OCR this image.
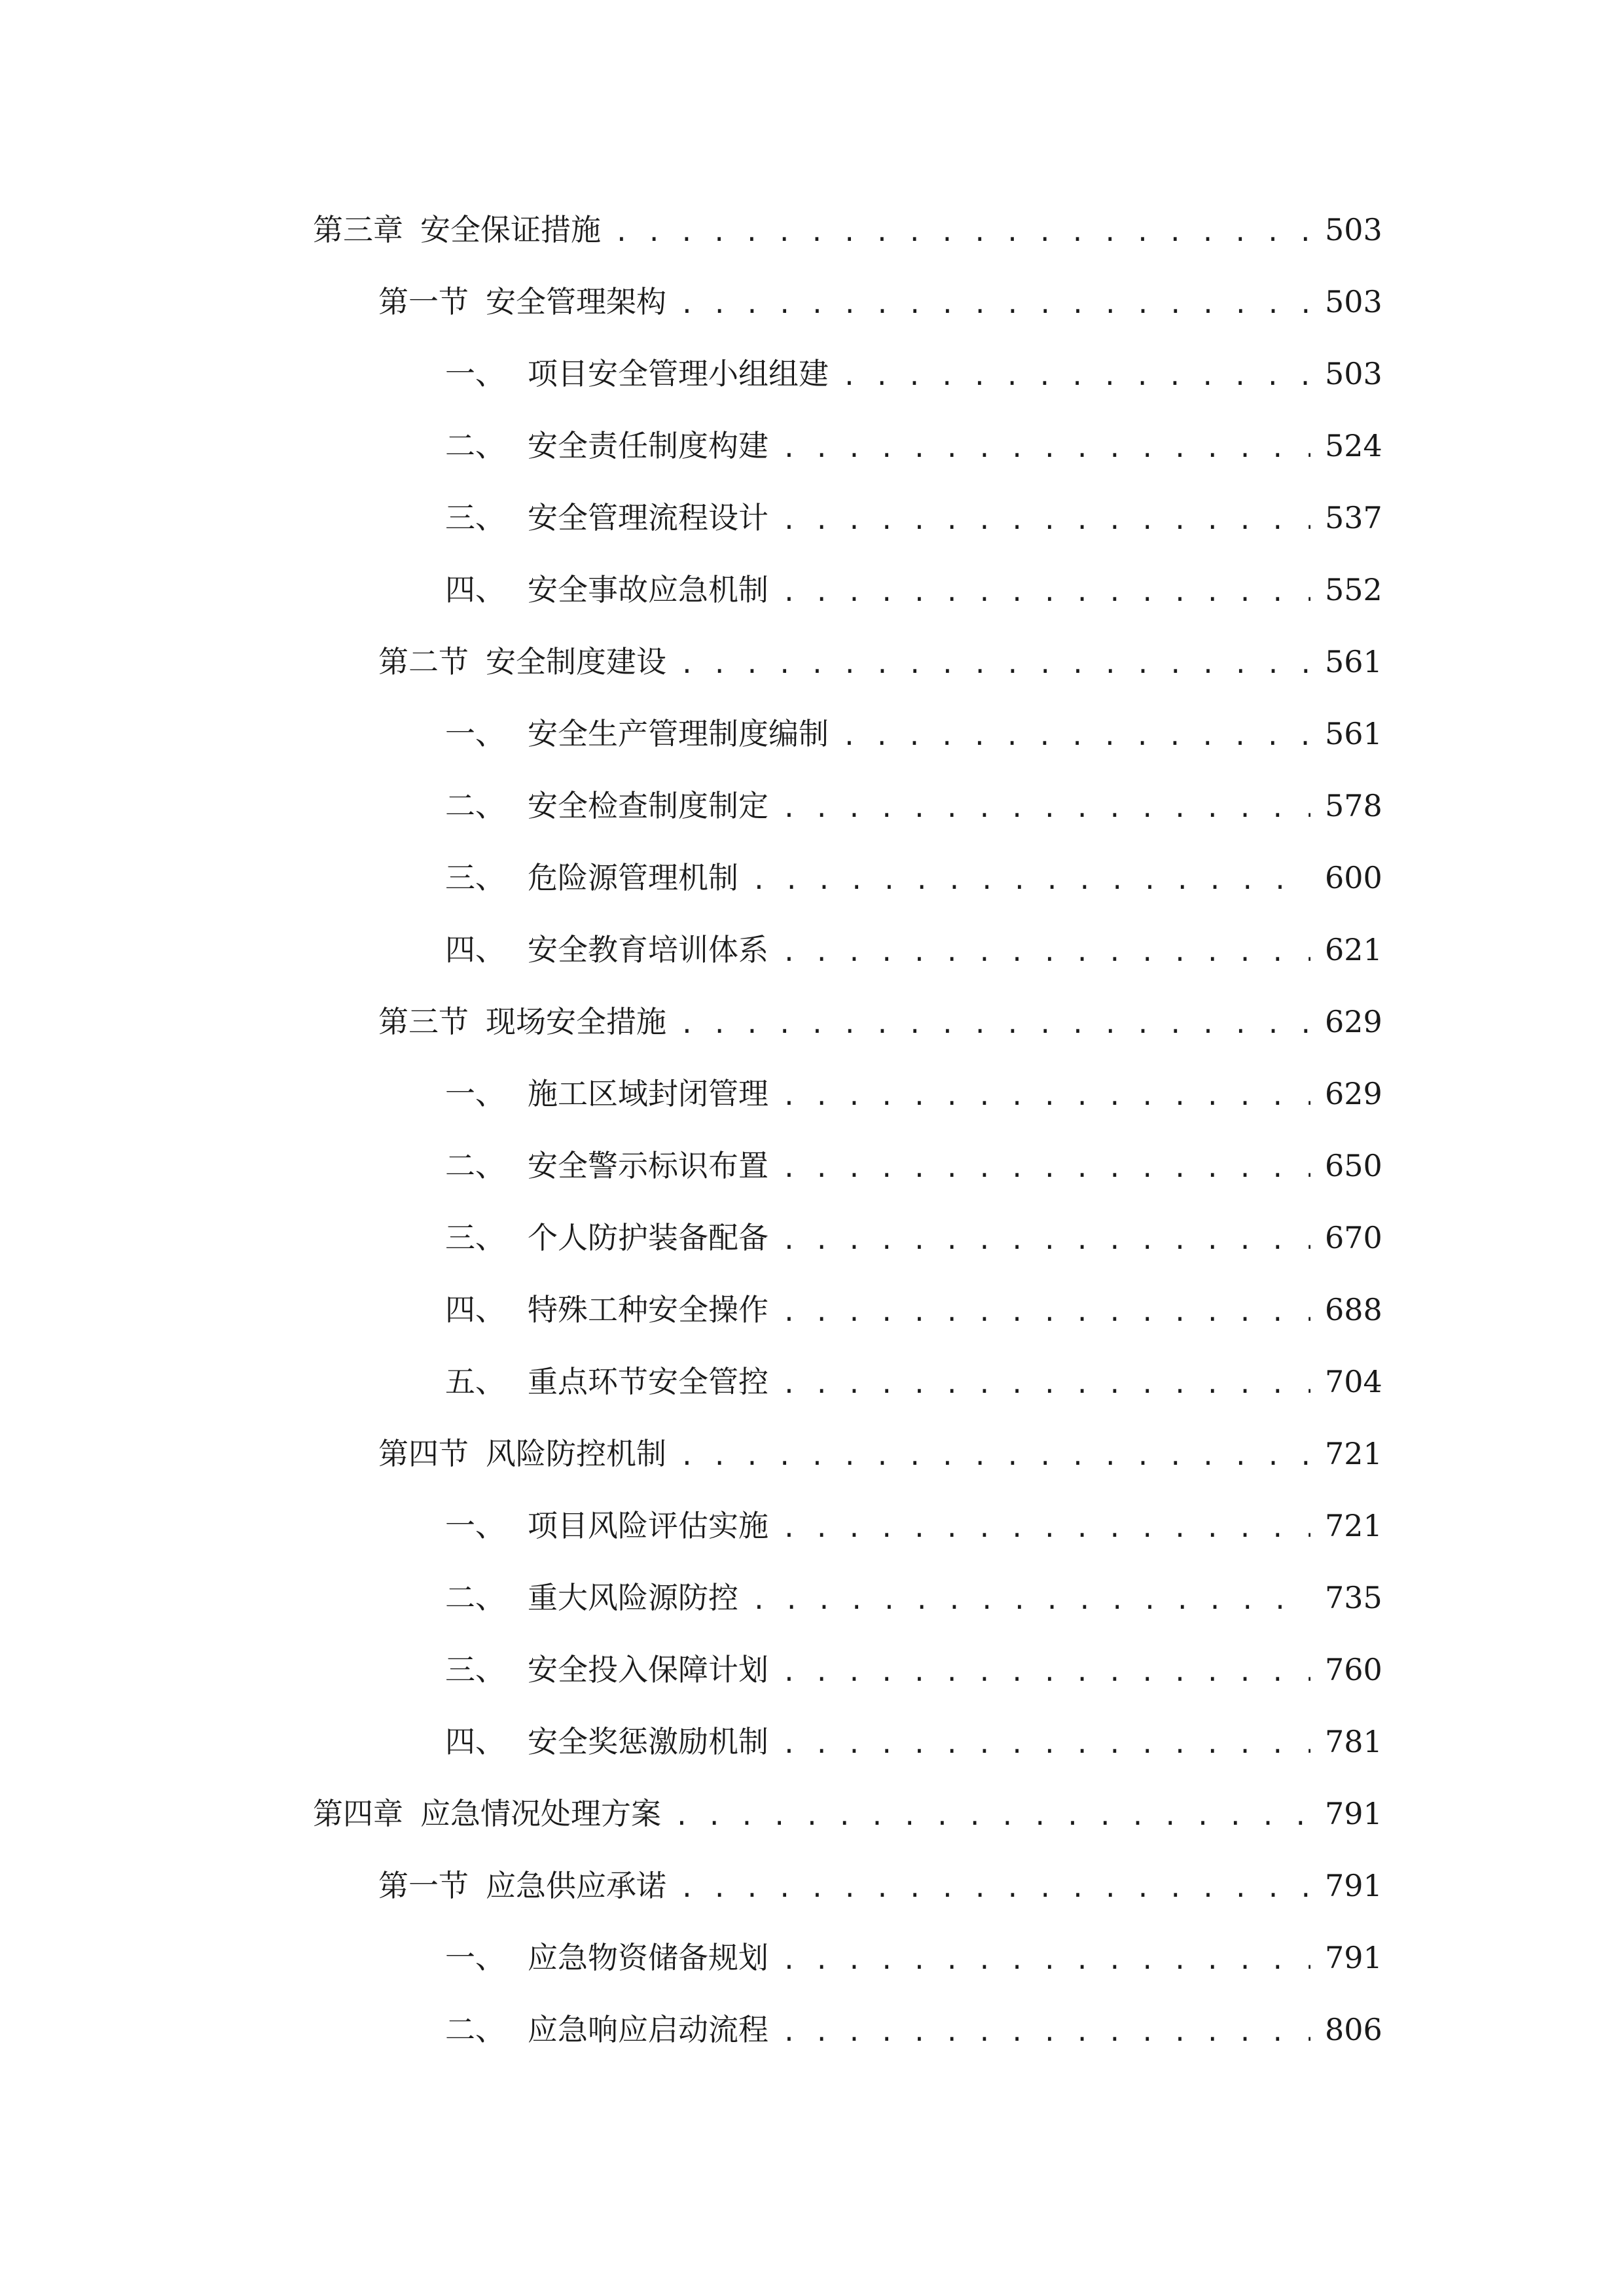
第三章 安全保证措施 . . .	503
第一节 安全管理架构 . . .	503
一、 项目安全管理小组组建 . . .	503
二、 安全责任制度构建 . . .	524
三、 安全管理流程设计 . . .	537
四、 安全事故应急机制 . . .	552
第二节 安全制度建设 . . .	561
一、 安全生产管理制度编制 . . .	561
二、 安全检查制度制定 . . .	578
三、 危险源管理机制 . . .	600
四、 安全教育培训体系 . . .	621
第三节 现场安全措施 . . .	629
一、 施工区域封闭管理 . . .	629
二、 安全警示标识布置 . . .	650
三、 个人防护装备配备 . . .	670
四、 特殊工种安全操作 . . .	688
五、 重点环节安全管控 . . .	704
第四节 风险防控机制 . . .	721
一、 项目风险评估实施 . . .	721
二、 重大风险源防控 . . .	735
三、 安全投入保障计划 . . .	760
四、 安全奖惩激励机制 . . .	781
第四章 应急情况处理方案 . . .	791
第一节 应急供应承诺 . . .	791
一、 应急物资储备规划 . . .	791
二、 应急响应启动流程 . . .	806
